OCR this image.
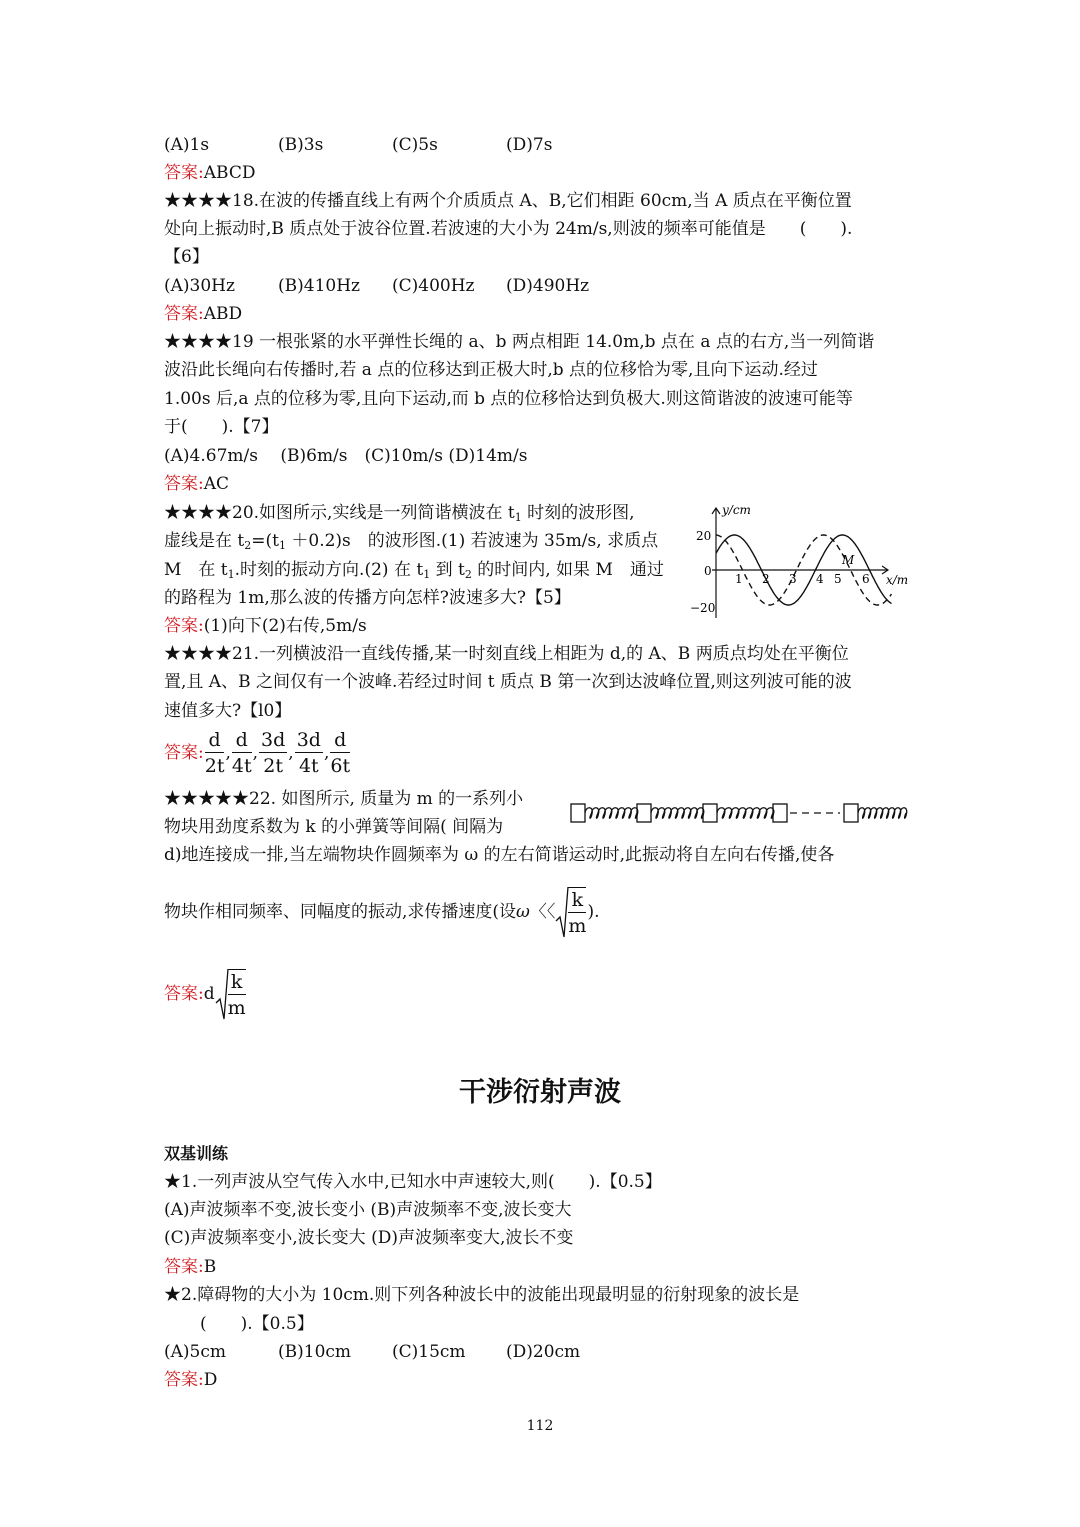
(A)1s	(B)3s	(C)5s	(D)7s
答案:ABCD
★★★★18.在波的传播直线上有两个介质质点 A、B,它们相距 60cm,当 A 质点在平衡位置
处向上振动时,B 质点处于波谷位置.若波速的大小为 24m/s,则波的频率可能值是　　(　　).
【6】
(A)30Hz	(B)410Hz (C)400Hz (D)490Hz
答案:ABD
★★★★19 一根张紧的水平弹性长绳的 a、b 两点相距 14.0m,b 点在 a 点的右方,当一列简谐
波沿此长绳向右传播时,若 a 点的位移达到正极大时,b 点的位移恰为零,且向下运动.经过
1.00s 后,a 点的位移为零,且向下运动,而 b 点的位移恰达到负极大.则这简谐波的波速可能等
于(　　).【7】
(A)4.67m/s　 (B)6m/s　(C)10m/s (D)14m/s
答案:AC
★★★★20.如图所示,实线是一列简谐横波在 $t_1$ 时刻的波形图,
虚线是在 $t_2=(t_1 +0.2)s$　的波形图.(1) 若波速为 35m/s, 求质点
M　在 $t_1$.时刻的振动方向.(2) 在 $t_1$ 到 $t_2$ 的时间内, 如果 M　通过
的路程为 1m,那么波的传播方向怎样?波速多大?【5】
答案:(1)向下(2)右传,5m/s
y/cm
x/m
20
0
−20
1 2 3 4 5 6
M
★★★★21.一列横波沿一直线传播,某一时刻直线上相距为 d,的 A、B 两质点均处在平衡位
置,且 A、B 之间仅有一个波峰.若经过时间 t 质点 B 第一次到达波峰位置,则这列波可能的波
速值多大?【l0】
答案: $\frac{d}{2t}$ , $\frac{d}{4t}$ , $\frac{3d}{2t}$ , $\frac{3d}{4t}$ , $\frac{d}{6t}$
★★★★★22. 如图所示, 质量为 m 的一系列小
物块用劲度系数为 k 的小弹簧等间隔( 间隔为
d)地连接成一排,当左端物块作圆频率为 ω 的左右简谐运动时,此振动将自左向右传播,使各
物块作相同频率、同幅度的振动,求传播速度(设ω〈〈 $\frac{k}{m}$ ).
答案:d $\frac{k}{m}$
干涉衍射声波
双基训练
★1.一列声波从空气传入水中,已知水中声速较大,则(　　).【0.5】
(A)声波频率不变,波长变小 (B)声波频率不变,波长变大
(C)声波频率变小,波长变大 (D)声波频率变大,波长不变
答案:B
★2.障碍物的大小为 10cm.则下列各种波长中的波能出现最明显的衍射现象的波长是
(　　).【0.5】
(A)5cm	(B)10cm (C)15cm (D)20cm
答案:D
112
